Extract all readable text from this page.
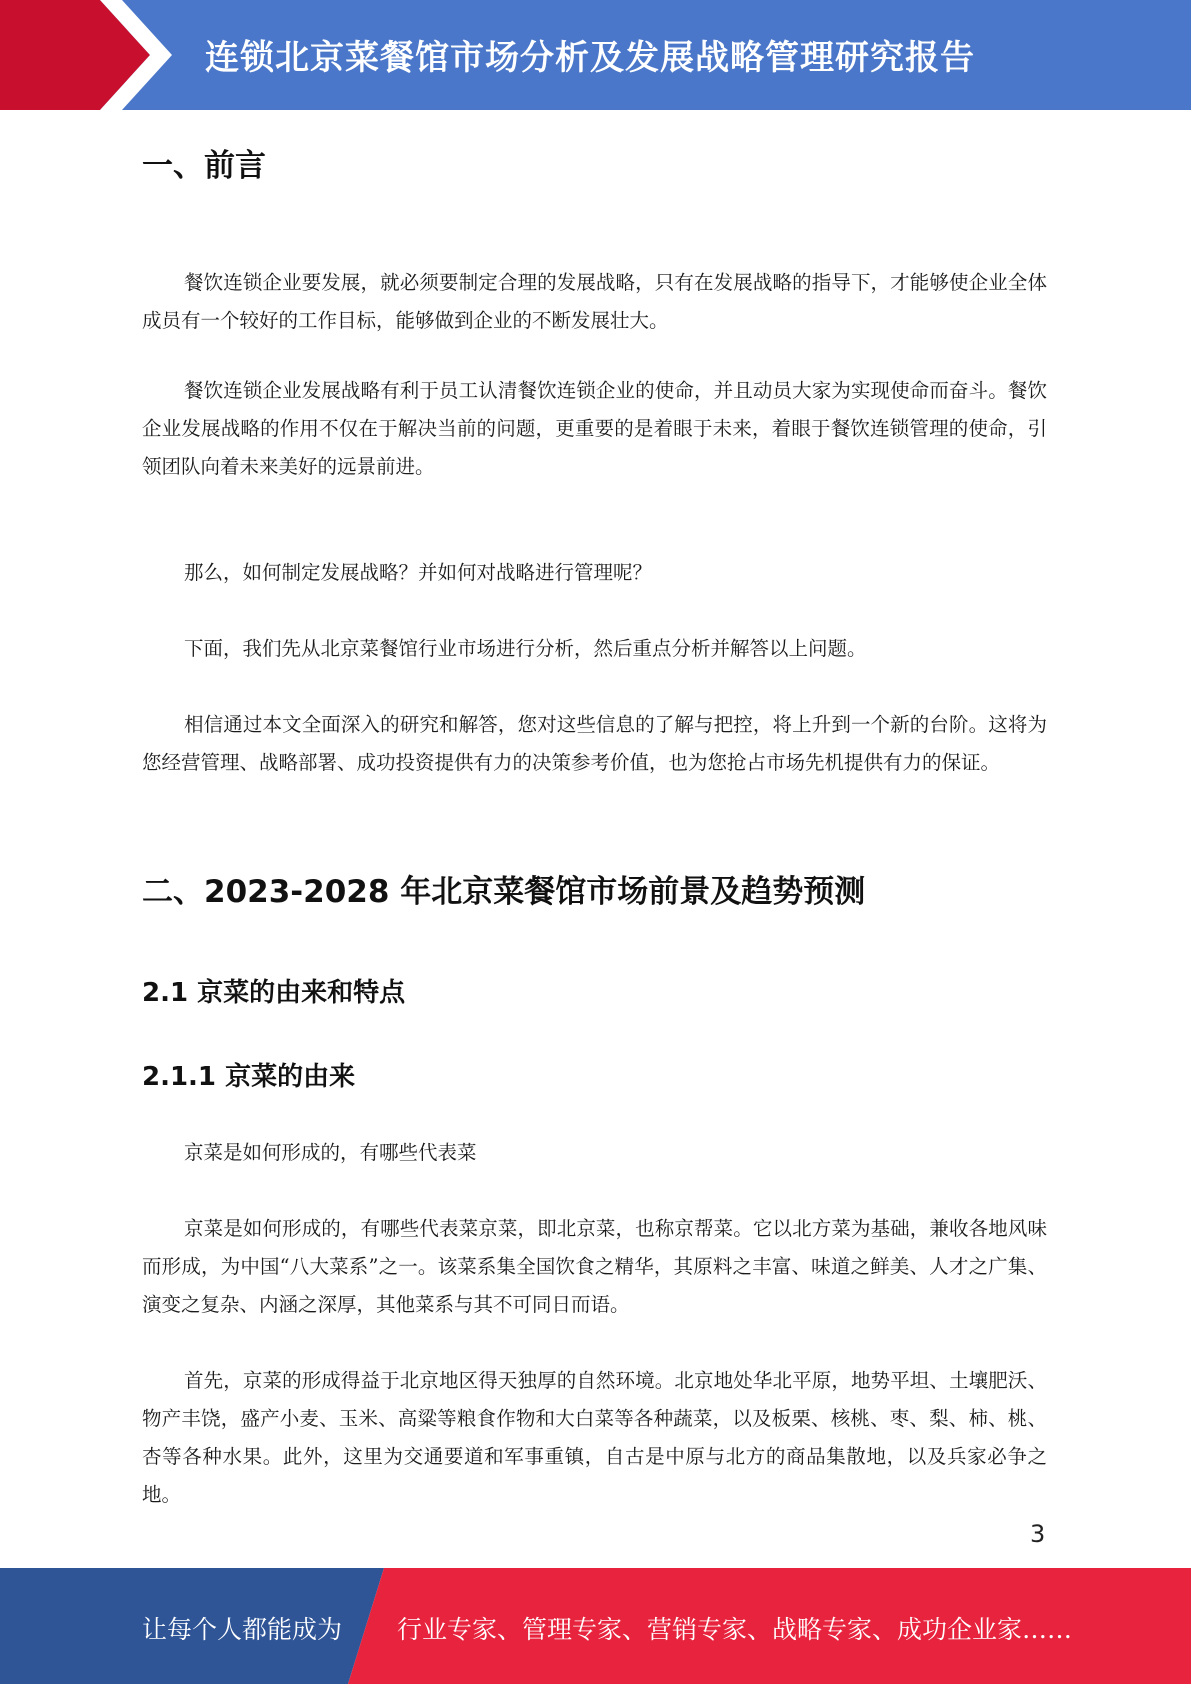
连锁北京菜餐馆市场分析及发展战略管理研究报告
一、前言
餐饮连锁企业要发展，就必须要制定合理的发展战略，只有在发展战略的指导下，才能够使企业全体成员有一个较好的工作目标，能够做到企业的不断发展壮大。
餐饮连锁企业发展战略有利于员工认清餐饮连锁企业的使命，并且动员大家为实现使命而奋斗。餐饮企业发展战略的作用不仅在于解决当前的问题，更重要的是着眼于未来，着眼于餐饮连锁管理的使命，引领团队向着未来美好的远景前进。
那么，如何制定发展战略？并如何对战略进行管理呢？
下面，我们先从北京菜餐馆行业市场进行分析，然后重点分析并解答以上问题。
相信通过本文全面深入的研究和解答，您对这些信息的了解与把控，将上升到一个新的台阶。这将为您经营管理、战略部署、成功投资提供有力的决策参考价值，也为您抢占市场先机提供有力的保证。
二、2023-2028 年北京菜餐馆市场前景及趋势预测
2.1 京菜的由来和特点
2.1.1 京菜的由来
京菜是如何形成的，有哪些代表菜
京菜是如何形成的，有哪些代表菜京菜，即北京菜，也称京帮菜。它以北方菜为基础，兼收各地风味而形成，为中国“八大菜系”之一。该菜系集全国饮食之精华，其原料之丰富、味道之鲜美、人才之广集、演变之复杂、内涵之深厚，其他菜系与其不可同日而语。
首先，京菜的形成得益于北京地区得天独厚的自然环境。北京地处华北平原，地势平坦、土壤肥沃、物产丰饶，盛产小麦、玉米、高粱等粮食作物和大白菜等各种蔬菜，以及板栗、核桃、枣、梨、柿、桃、杏等各种水果。此外，这里为交通要道和军事重镇，自古是中原与北方的商品集散地，以及兵家必争之地。
3
让每个人都能成为 行业专家、管理专家、营销专家、战略专家、成功企业家……
